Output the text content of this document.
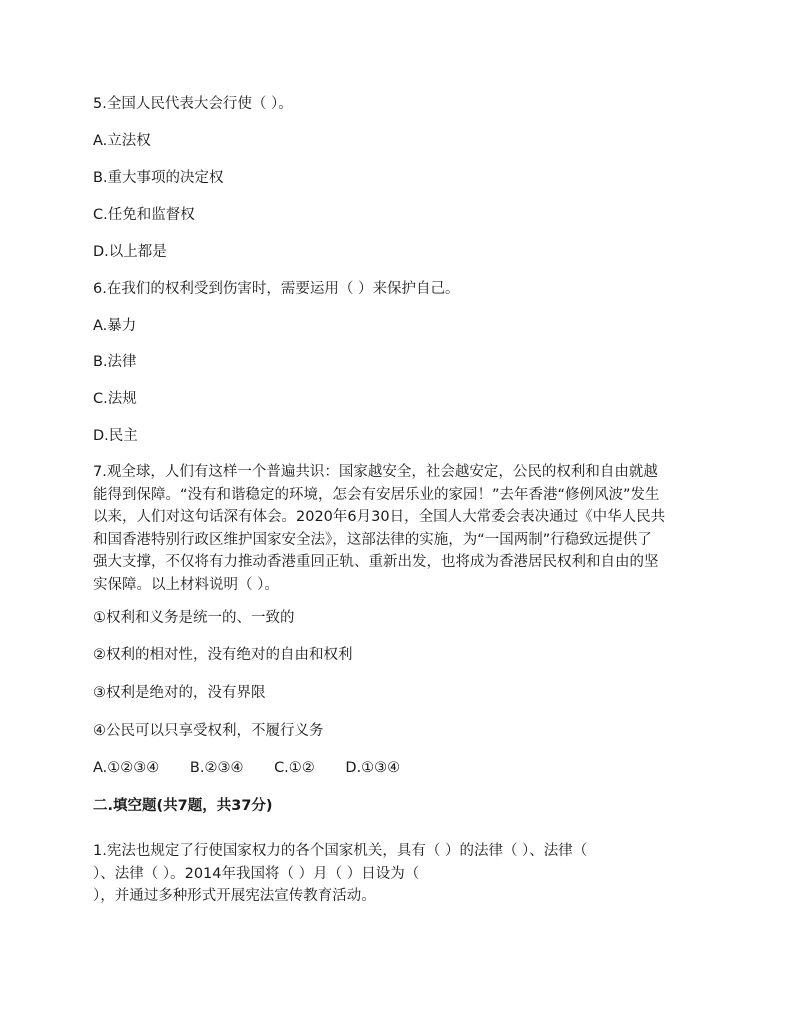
5.全国人民代表大会行使（ ）。
A.立法权
B.重大事项的决定权
C.任免和监督权
D.以上都是
6.在我们的权利受到伤害时，需要运用（ ）来保护自己。
A.暴力
B.法律
C.法规
D.民主
7.观全球，人们有这样一个普遍共识：国家越安全，社会越安定，公民的权利和自由就越
能得到保障。“没有和谐稳定的环境，怎会有安居乐业的家园！”去年香港“修例风波”发生
以来，人们对这句话深有体会。2020年6月30日，全国人大常委会表决通过《中华人民共
和国香港特别行政区维护国家安全法》，这部法律的实施，为“一国两制”行稳致远提供了
强大支撑，不仅将有力推动香港重回正轨、重新出发，也将成为香港居民权利和自由的坚
实保障。以上材料说明（ ）。
①权利和义务是统一的、一致的
②权利的相对性，没有绝对的自由和权利
③权利是绝对的，没有界限
④公民可以只享受权利，不履行义务
A.①②③④ B.②③④ C.①② D.①③④
二.填空题(共7题，共37分)
1.宪法也规定了行使国家权力的各个国家机关，具有（ ）的法律（ ）、法律（
）、法律（ ）。2014年我国将（ ）月（ ）日设为（
），并通过多种形式开展宪法宣传教育活动。
